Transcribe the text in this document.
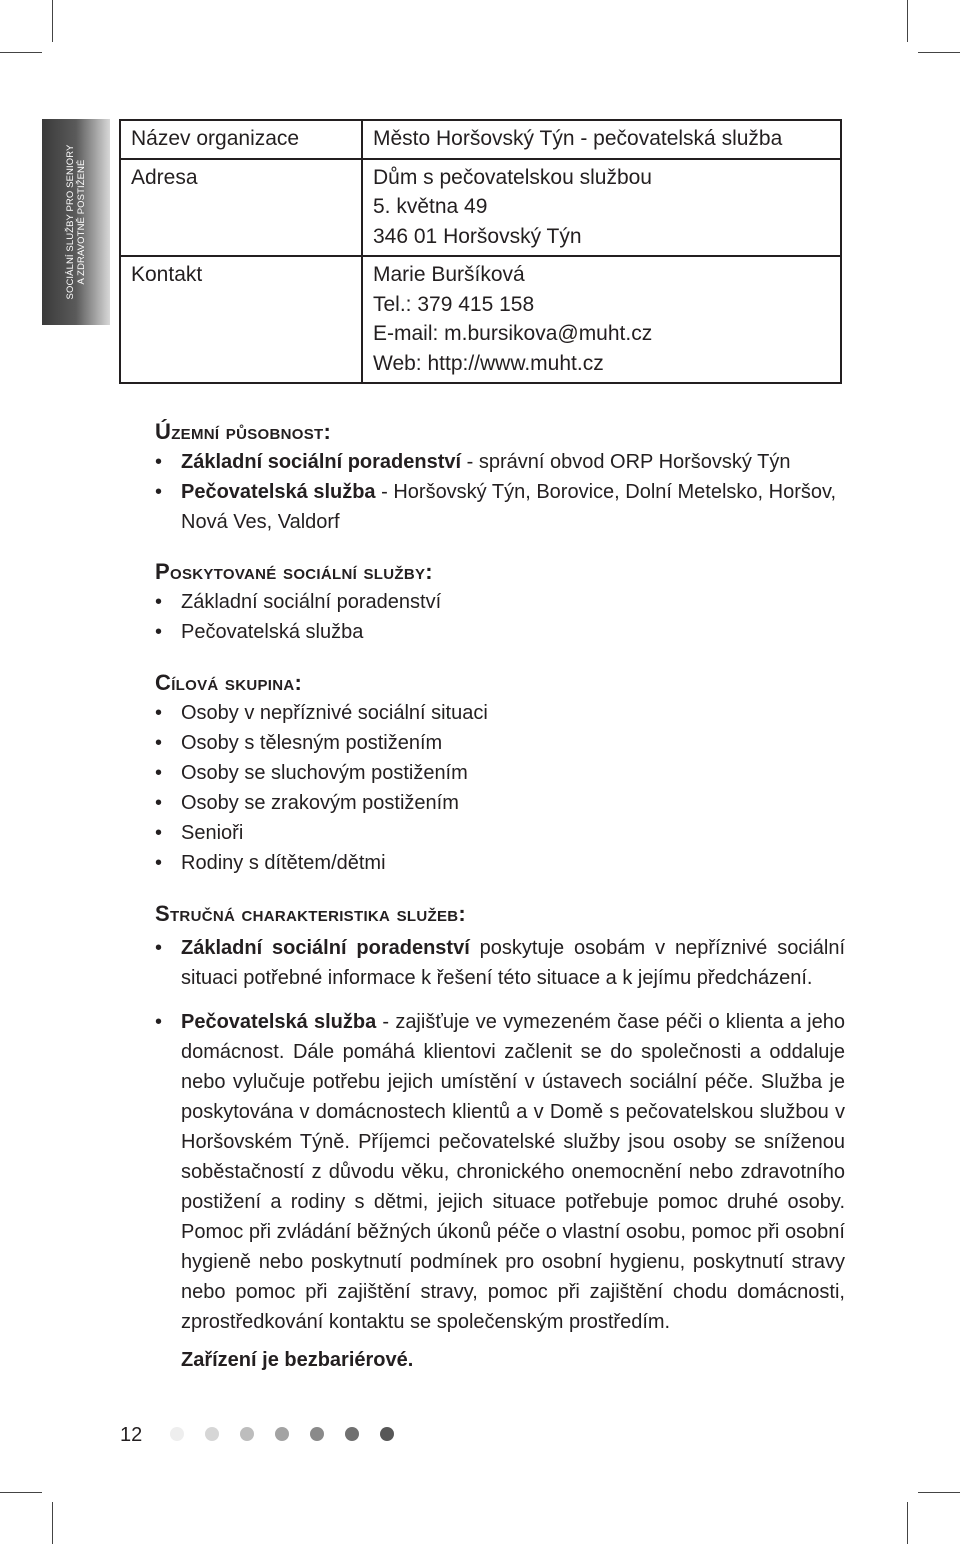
SOCIÁLNÍ SLUŽBY PRO SENIORY A ZDRAVOTNĚ POSTIŽENÉ
Název organizace	Město Horšovský Týn - pečovatelská služba

Adresa	Dům s pečovatelskou službou
5. května 49
346 01 Horšovský Týn

Kontakt	Marie Buršíková
Tel.: 379 415 158
E-mail: m.bursikova@muht.cz
Web: http://www.muht.cz
Územní působnost:
• Základní sociální poradenství - správní obvod ORP Horšovský Týn
• Pečovatelská služba - Horšovský Týn, Borovice, Dolní Metelsko, Horšov, Nová Ves, Valdorf
Poskytované sociální služby:
• Základní sociální poradenství
• Pečovatelská služba
Cílová skupina:
• Osoby v nepříznivé sociální situaci
• Osoby s tělesným postižením
• Osoby se sluchovým postižením
• Osoby se zrakovým postižením
• Senioři
• Rodiny s dítětem/dětmi
Stručná charakteristika služeb:
• Základní sociální poradenství poskytuje osobám v nepříznivé sociální situaci potřebné informace k řešení této situace a k jejímu předcházení.
• Pečovatelská služba - zajišťuje ve vymezeném čase péči o klienta a jeho domácnost. Dále pomáhá klientovi začlenit se do společnosti a oddaluje nebo vylučuje potřebu jejich umístění v ústavech sociální péče. Služba je poskytována v domácnostech klientů a v Domě s pečovatelskou službou v Horšovském Týně. Příjemci pečovatelské služby jsou osoby se sníženou soběstačností z důvodu věku, chronického onemocnění nebo zdravotního postižení a rodiny s dětmi, jejich situace potřebuje pomoc druhé osoby. Pomoc při zvládání běžných úkonů péče o vlastní osobu, pomoc při osobní hygieně nebo poskytnutí podmínek pro osobní hygienu, poskytnutí stravy nebo pomoc při zajištění stravy, pomoc při zajištění chodu domácnosti, zprostředkování kontaktu se společenským prostředím.
Zařízení je bezbariérové.
12
